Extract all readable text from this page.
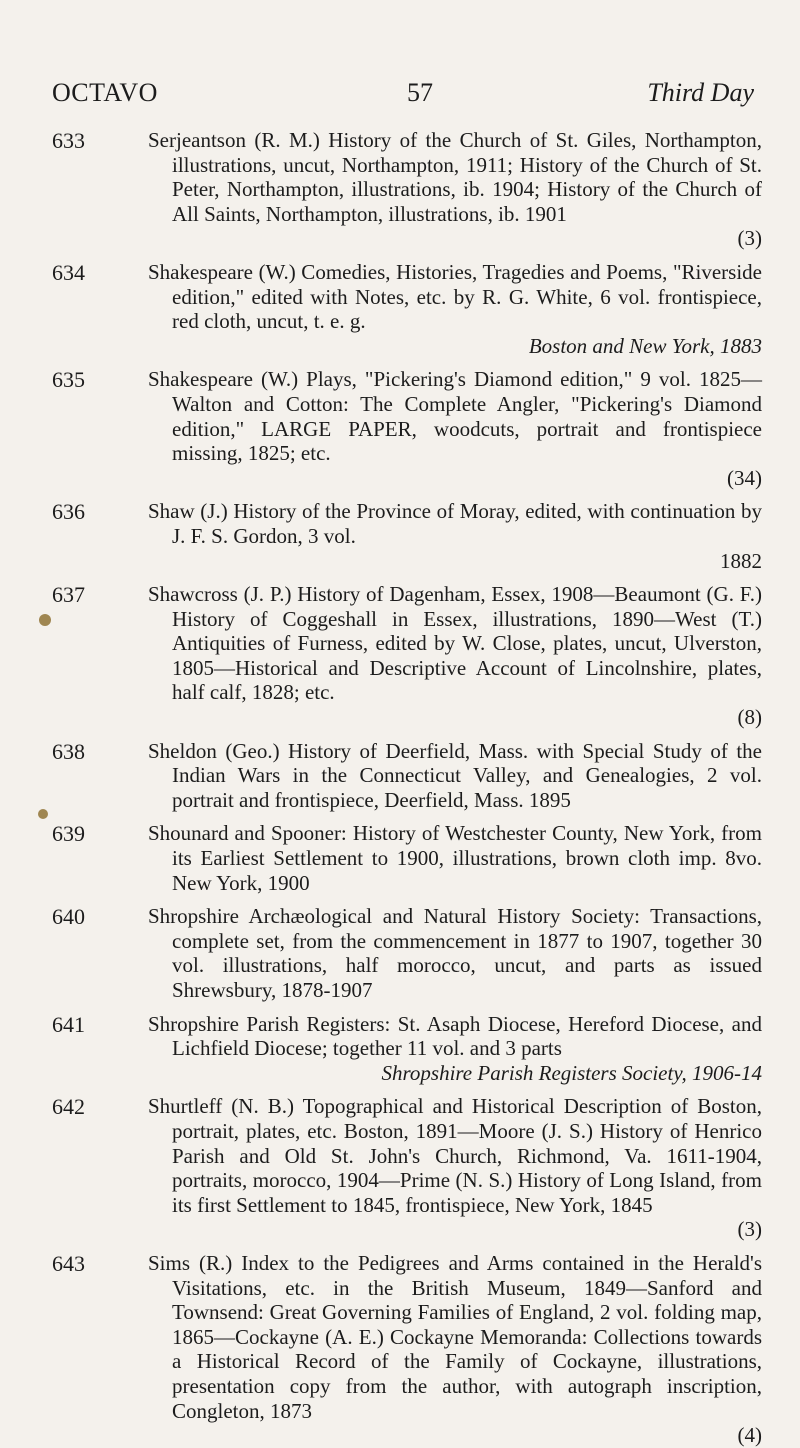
OCTAVO	57	Third Day
633	Serjeantson (R. M.) History of the Church of St. Giles, Northampton, illustrations, uncut, Northampton, 1911; History of the Church of St. Peter, Northampton, illustrations, ib. 1904; History of the Church of All Saints, Northampton, illustrations, ib. 1901
(3)
634	Shakespeare (W.) Comedies, Histories, Tragedies and Poems, "Riverside edition," edited with Notes, etc. by R. G. White, 6 vol. frontispiece, red cloth, uncut, t. e. g.
Boston and New York, 1883
635	Shakespeare (W.) Plays, "Pickering's Diamond edition," 9 vol. 1825—Walton and Cotton: The Complete Angler, "Pickering's Diamond edition," LARGE PAPER, woodcuts, portrait and frontispiece missing, 1825; etc.
(34)
636	Shaw (J.) History of the Province of Moray, edited, with continuation by J. F. S. Gordon, 3 vol.
1882
637	Shawcross (J. P.) History of Dagenham, Essex, 1908—Beaumont (G. F.) History of Coggeshall in Essex, illustrations, 1890—West (T.) Antiquities of Furness, edited by W. Close, plates, uncut, Ulverston, 1805—Historical and Descriptive Account of Lincolnshire, plates, half calf, 1828; etc.
(8)
638	Sheldon (Geo.) History of Deerfield, Mass. with Special Study of the Indian Wars in the Connecticut Valley, and Genealogies, 2 vol. portrait and frontispiece, Deerfield, Mass. 1895
639	Shounard and Spooner: History of Westchester County, New York, from its Earliest Settlement to 1900, illustrations, brown cloth imp. 8vo. New York, 1900
640	Shropshire Archæological and Natural History Society: Transactions, complete set, from the commencement in 1877 to 1907, together 30 vol. illustrations, half morocco, uncut, and parts as issued Shrewsbury, 1878-1907
641	Shropshire Parish Registers: St. Asaph Diocese, Hereford Diocese, and Lichfield Diocese; together 11 vol. and 3 parts
Shropshire Parish Registers Society, 1906-14
642	Shurtleff (N. B.) Topographical and Historical Description of Boston, portrait, plates, etc. Boston, 1891—Moore (J. S.) History of Henrico Parish and Old St. John's Church, Richmond, Va. 1611-1904, portraits, morocco, 1904—Prime (N. S.) History of Long Island, from its first Settlement to 1845, frontispiece, New York, 1845
(3)
643	Sims (R.) Index to the Pedigrees and Arms contained in the Herald's Visitations, etc. in the British Museum, 1849—Sanford and Townsend: Great Governing Families of England, 2 vol. folding map, 1865—Cockayne (A. E.) Cockayne Memoranda: Collections towards a Historical Record of the Family of Cockayne, illustrations, presentation copy from the author, with autograph inscription, Congleton, 1873
(4)
